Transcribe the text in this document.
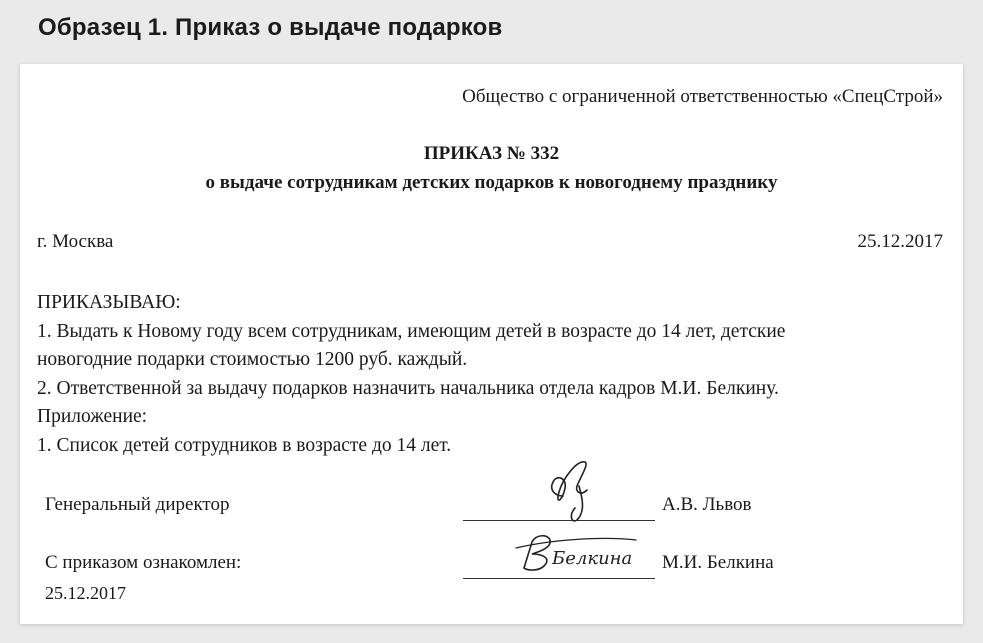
Образец 1. Приказ о выдаче подарков
Общество с ограниченной ответственностью «СпецСтрой»
ПРИКАЗ № 332
о выдаче сотрудникам детских подарков к новогоднему празднику
г. Москва	25.12.2017
ПРИКАЗЫВАЮ:
1. Выдать к Новому году всем сотрудникам, имеющим детей в возрасте до 14 лет, детские
новогодние подарки стоимостью 1200 руб. каждый.
2. Ответственной за выдачу подарков назначить начальника отдела кадров М.И. Белкину.
Приложение:
1. Список детей сотрудников в возрасте до 14 лет.
Генеральный директор	А.В. Львов
С приказом ознакомлен:	Белкина М.И. Белкина
25.12.2017
